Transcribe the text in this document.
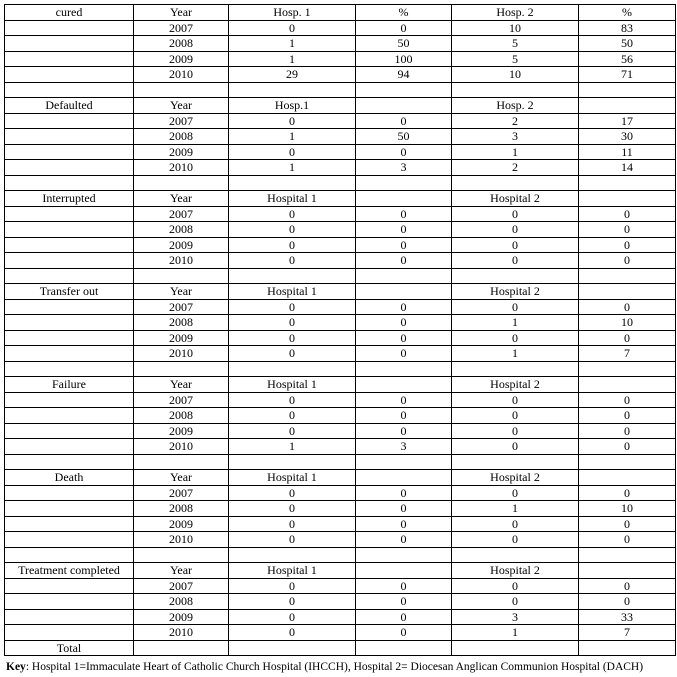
cured	Year	Hosp. 1	%	Hosp. 2	%
	2007	0	0	10	83
	2008	1	50	5	50
	2009	1	100	5	56
	2010	29	94	10	71

Defaulted	Year	Hosp.1		Hosp. 2	
	2007	0	0	2	17
	2008	1	50	3	30
	2009	0	0	1	11
	2010	1	3	2	14

Interrupted	Year	Hospital 1		Hospital 2	
	2007	0	0	0	0
	2008	0	0	0	0
	2009	0	0	0	0
	2010	0	0	0	0

Transfer out	Year	Hospital 1		Hospital 2	
	2007	0	0	0	0
	2008	0	0	1	10
	2009	0	0	0	0
	2010	0	0	1	7

Failure	Year	Hospital 1		Hospital 2	
	2007	0	0	0	0
	2008	0	0	0	0
	2009	0	0	0	0
	2010	1	3	0	0

Death	Year	Hospital 1		Hospital 2	
	2007	0	0	0	0
	2008	0	0	1	10
	2009	0	0	0	0
	2010	0	0	0	0

Treatment completed	Year	Hospital 1		Hospital 2	
	2007	0	0	0	0
	2008	0	0	0	0
	2009	0	0	3	33
	2010	0	0	1	7
Total					
Key: Hospital 1=Immaculate Heart of Catholic Church Hospital (IHCCH), Hospital 2= Diocesan Anglican Communion Hospital (DACH)
